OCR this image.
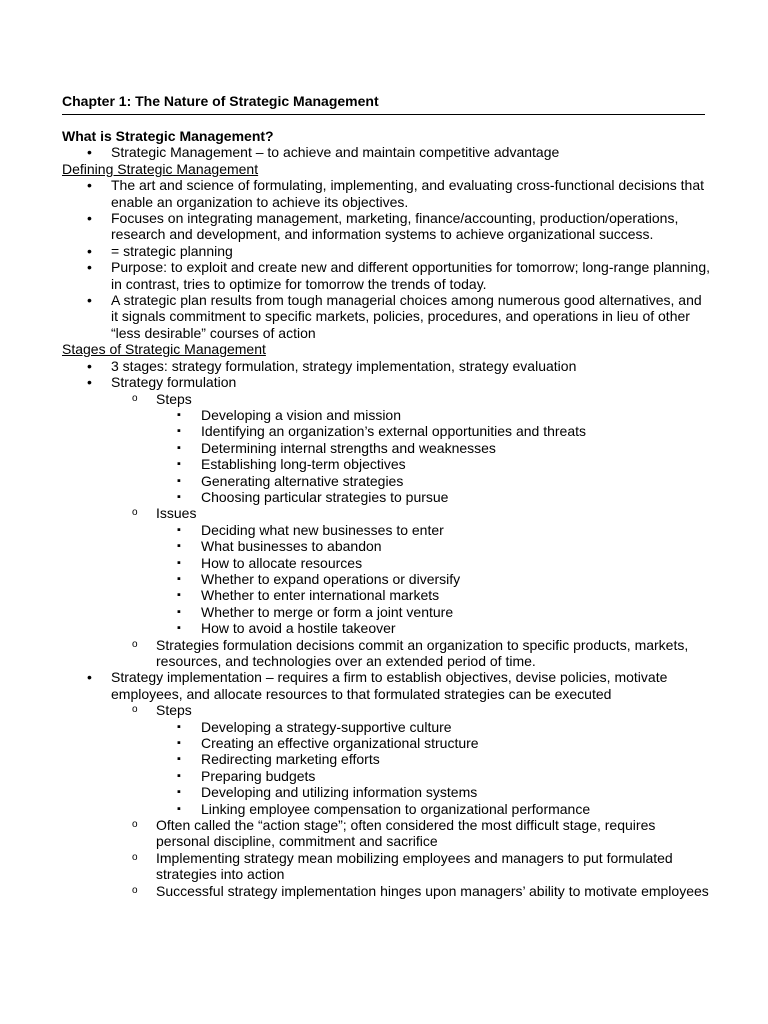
Chapter 1: The Nature of Strategic Management

What is Strategic Management?

• Strategic Management – to achieve and maintain competitive advantage

Defining Strategic Management

• The art and science of formulating, implementing, and evaluating cross-functional decisions that enable an organization to achieve its objectives.
• Focuses on integrating management, marketing, finance/accounting, production/operations, research and development, and information systems to achieve organizational success.
• = strategic planning
• Purpose: to exploit and create new and different opportunities for tomorrow; long-range planning, in contrast, tries to optimize for tomorrow the trends of today.
• A strategic plan results from tough managerial choices among numerous good alternatives, and it signals commitment to specific markets, policies, procedures, and operations in lieu of other “less desirable” courses of action

Stages of Strategic Management

• 3 stages: strategy formulation, strategy implementation, strategy evaluation
• Strategy formulation
o Steps
▪ Developing a vision and mission
▪ Identifying an organization’s external opportunities and threats
▪ Determining internal strengths and weaknesses
▪ Establishing long-term objectives
▪ Generating alternative strategies
▪ Choosing particular strategies to pursue
o Issues
▪ Deciding what new businesses to enter
▪ What businesses to abandon
▪ How to allocate resources
▪ Whether to expand operations or diversify
▪ Whether to enter international markets
▪ Whether to merge or form a joint venture
▪ How to avoid a hostile takeover
o Strategies formulation decisions commit an organization to specific products, markets, resources, and technologies over an extended period of time.
• Strategy implementation – requires a firm to establish objectives, devise policies, motivate employees, and allocate resources to that formulated strategies can be executed
o Steps
▪ Developing a strategy-supportive culture
▪ Creating an effective organizational structure
▪ Redirecting marketing efforts
▪ Preparing budgets
▪ Developing and utilizing information systems
▪ Linking employee compensation to organizational performance
o Often called the “action stage”; often considered the most difficult stage, requires personal discipline, commitment and sacrifice
o Implementing strategy mean mobilizing employees and managers to put formulated strategies into action
o Successful strategy implementation hinges upon managers’ ability to motivate employees
